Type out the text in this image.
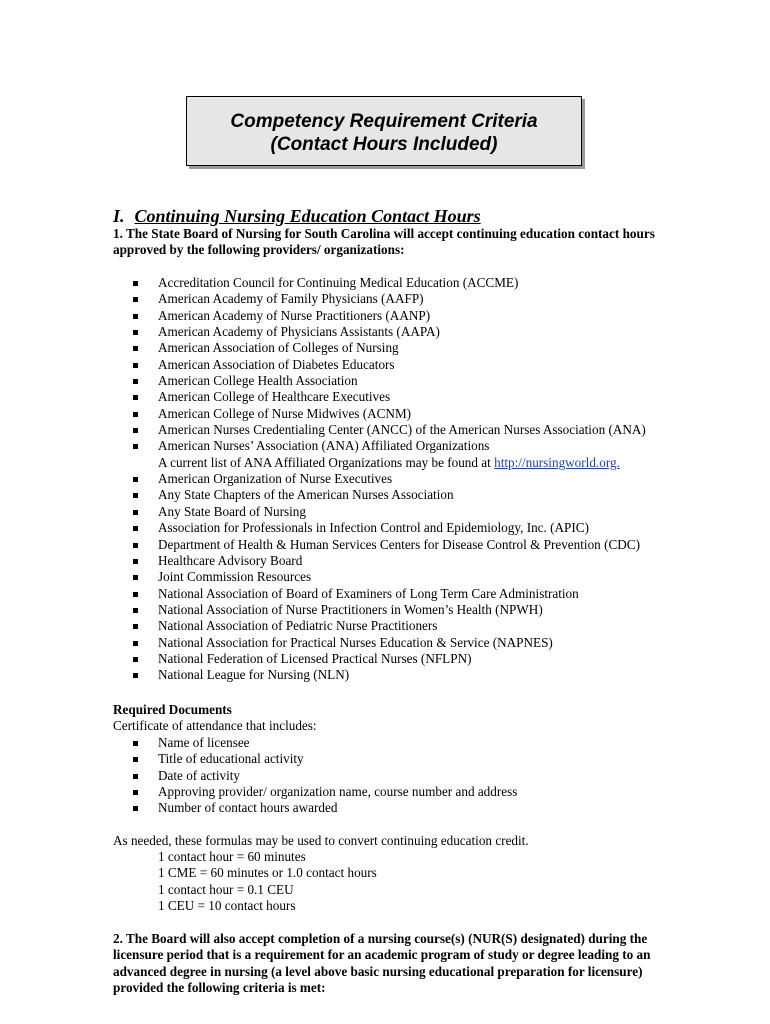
Competency Requirement Criteria
(Contact Hours Included)
I. Continuing Nursing Education Contact Hours
1. The State Board of Nursing for South Carolina will accept continuing education contact hours
approved by the following providers/ organizations:
Accreditation Council for Continuing Medical Education (ACCME)
American Academy of Family Physicians (AAFP)
American Academy of Nurse Practitioners (AANP)
American Academy of Physicians Assistants (AAPA)
American Association of Colleges of Nursing
American Association of Diabetes Educators
American College Health Association
American College of Healthcare Executives
American College of Nurse Midwives (ACNM)
American Nurses Credentialing Center (ANCC) of the American Nurses Association (ANA)
American Nurses’ Association (ANA) Affiliated Organizations
A current list of ANA Affiliated Organizations may be found at http://nursingworld.org.
American Organization of Nurse Executives
Any State Chapters of the American Nurses Association
Any State Board of Nursing
Association for Professionals in Infection Control and Epidemiology, Inc. (APIC)
Department of Health & Human Services Centers for Disease Control & Prevention (CDC)
Healthcare Advisory Board
Joint Commission Resources
National Association of Board of Examiners of Long Term Care Administration
National Association of Nurse Practitioners in Women’s Health (NPWH)
National Association of Pediatric Nurse Practitioners
National Association for Practical Nurses Education & Service (NAPNES)
National Federation of Licensed Practical Nurses (NFLPN)
National League for Nursing (NLN)
Required Documents
Certificate of attendance that includes:
Name of licensee
Title of educational activity
Date of activity
Approving provider/ organization name, course number and address
Number of contact hours awarded
As needed, these formulas may be used to convert continuing education credit.
1 contact hour = 60 minutes
1 CME = 60 minutes or 1.0 contact hours
1 contact hour = 0.1 CEU
1 CEU = 10 contact hours
2. The Board will also accept completion of a nursing course(s) (NUR(S) designated) during the
licensure period that is a requirement for an academic program of study or degree leading to an
advanced degree in nursing (a level above basic nursing educational preparation for licensure)
provided the following criteria is met:
